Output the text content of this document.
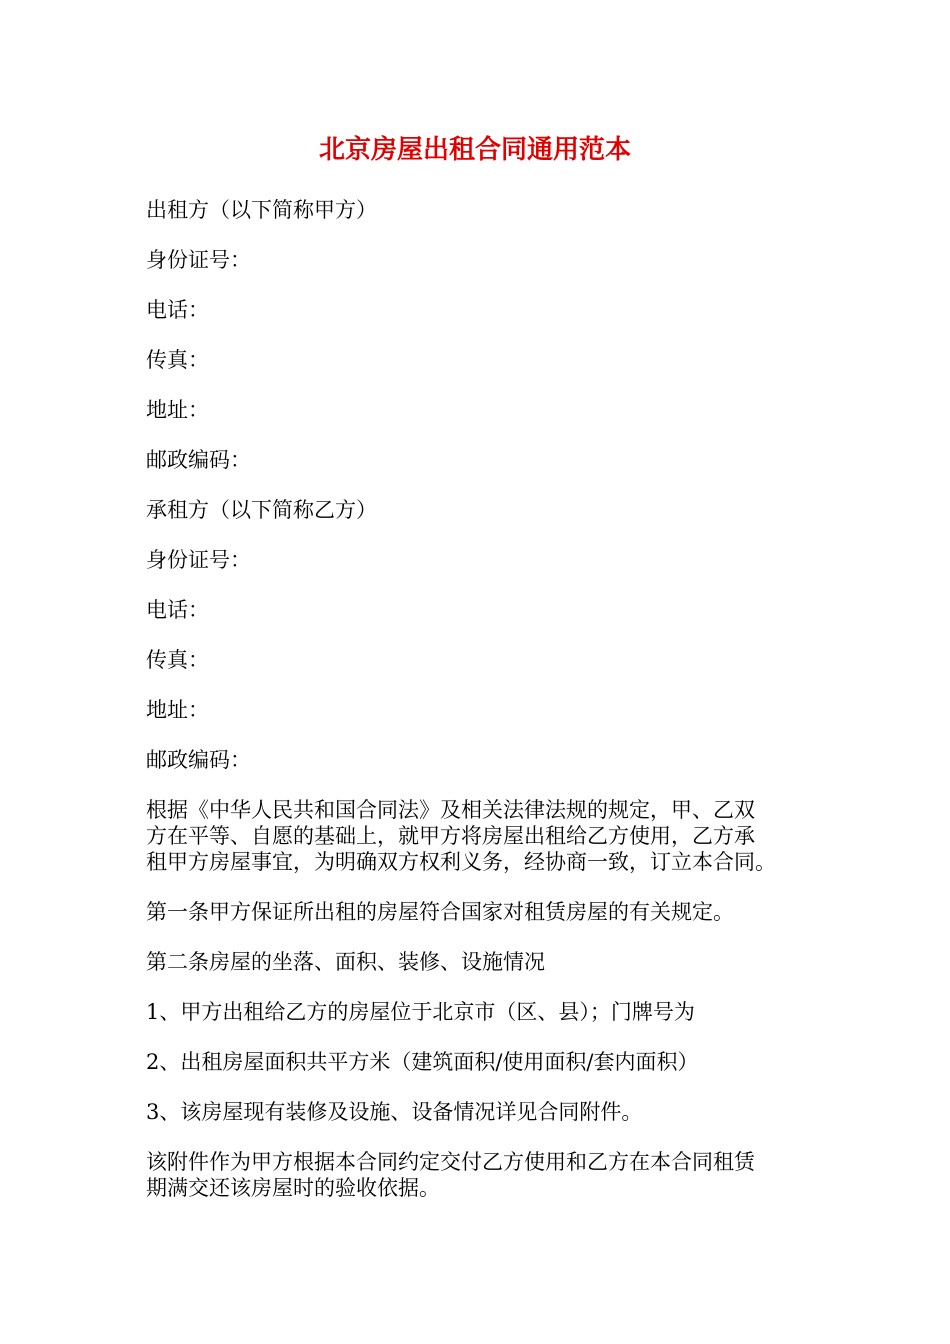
北京房屋出租合同通用范本

出租方（以下简称甲方）

身份证号：

电话：

传真：

地址：

邮政编码：

承租方（以下简称乙方）

身份证号：

电话：

传真：

地址：

邮政编码：

根据《中华人民共和国合同法》及相关法律法规的规定，甲、乙双
方在平等、自愿的基础上，就甲方将房屋出租给乙方使用，乙方承
租甲方房屋事宜，为明确双方权利义务，经协商一致，订立本合同。

第一条甲方保证所出租的房屋符合国家对租赁房屋的有关规定。

第二条房屋的坐落、面积、装修、设施情况

1、甲方出租给乙方的房屋位于北京市（区、县）；门牌号为

2、出租房屋面积共平方米（建筑面积/使用面积/套内面积）

3、该房屋现有装修及设施、设备情况详见合同附件。

该附件作为甲方根据本合同约定交付乙方使用和乙方在本合同租赁
期满交还该房屋时的验收依据。
